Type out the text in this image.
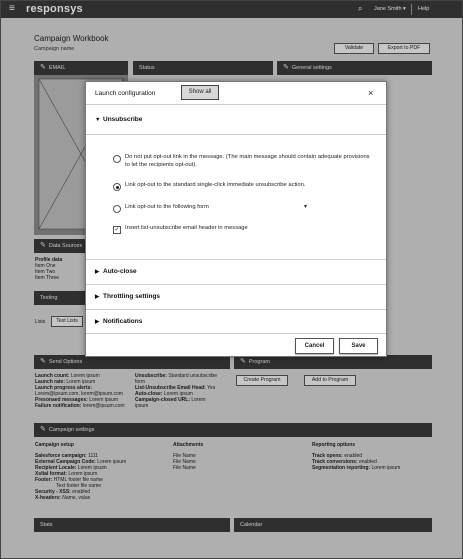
≡ responsys	⌕ Jane Smith ▾ Help
Campaign Workbook
Campaign name	Validate	Export to PDF
✎ EMAIL	Status	✎ General settings
✎ Data Sources
Profile data
Item One
Item Two
Item Three
Testing
Lists	Test Lists
✎ Send Options	✎ Program
Launch count: Lorem ipsum
Launch rate: Lorem ipsum
Launch progress alerts:
Lorem@ipsum.com, lorem@ipsum.com
Presonaed messages: Lorem ipsum
Failure notification: lorem@ipsum.com
Unsubscribe: Standard unsubscribe
form
List-Unsubscribe Email Head: Yes
Auto-close: Lorem ipsum
Campaign-closed URL: Lorem
ipsum
Create Program	Add to Program
✎ Campaign settings
Campaign setup
Salesforce campaign: 1111
External Campaign Code: Lorem ipsum
Recipient Locale: Lorem ipsum
Xsltal format: Lorem ipsum
Footer: HTML footer file name
Text footer file name
Security - XSS: enabled
X-headers: Name, value
Attachments
File Name
File Name
File Name
Reporting options
Track opens: enabled
Track conversions: enabled
Segmentation reporting: Lorem ipsum
Stats	Calendar
Launch configuration	Show all	×
▼ Unsubscribe
Do not put opt-out link in the message. (The main message should contain adequate provisions to let the recipients opt-out).
Link opt-out to the standard single-click immediate unsubscribe action.
Link opt-out to the following form	▾
✓ Insert list-unsubscribe email header in message
▶ Auto-close
▶ Throttling settings
▶ Notifications
Cancel	Save
